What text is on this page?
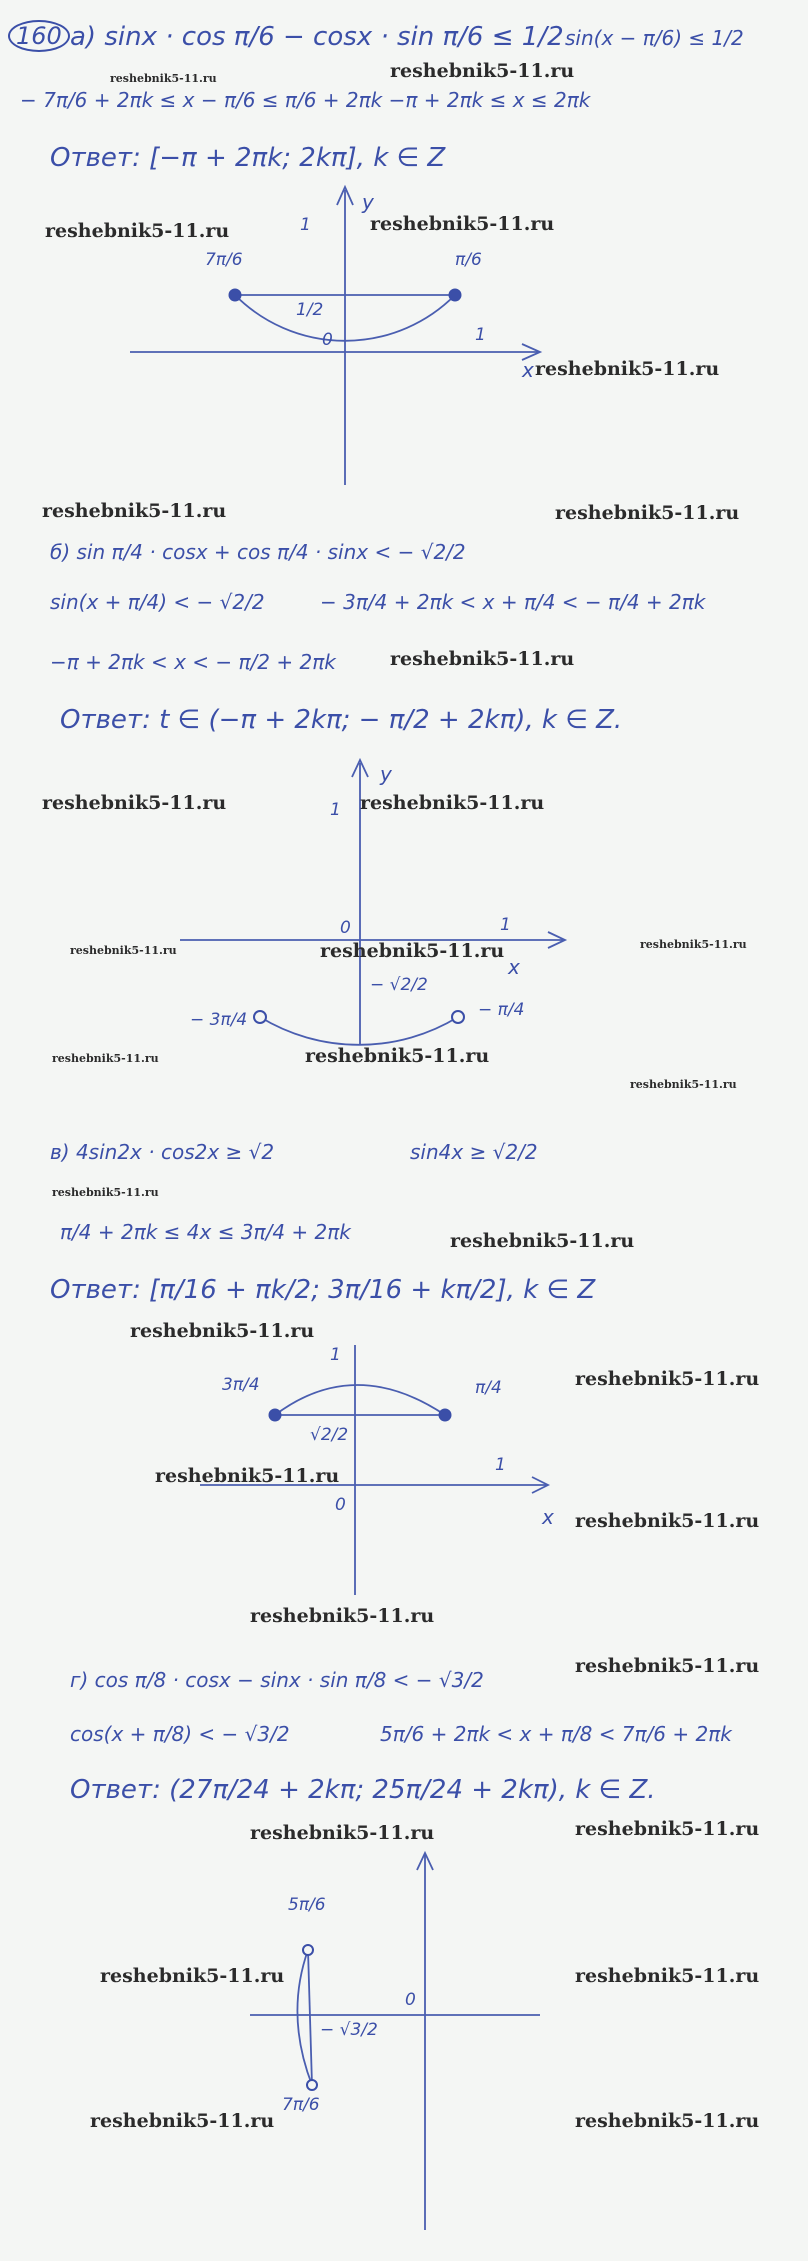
160 а) sinx · cos π/6 − cosx · sin π/6 ≤ 1/2 sin(x − π/6) ≤ 1/2
− 7π/6 + 2πk ≤ x − π/6 ≤ π/6 + 2πk −π + 2πk ≤ x ≤ 2πk
Ответ: [−π + 2πk; 2kπ], k ∈ Z
y
1
7π/6	π/6
1/2
0	1
x
б) sin π/4 · cosx + cos π/4 · sinx < − √2/2
sin(x + π/4) < − √2/2	− 3π/4 + 2πk < x + π/4 < − π/4 + 2πk
−π + 2πk < x < − π/2 + 2πk
Ответ: t ∈ (−π + 2kπ; − π/2 + 2kπ), k ∈ Z.
y
1
0	1
x
− √2/2
− 3π/4	− π/4
в) 4sin2x · cos2x ≥ √2	sin4x ≥ √2/2
π/4 + 2πk ≤ 4x ≤ 3π/4 + 2πk
Ответ: [π/16 + πk/2; 3π/16 + kπ/2], k ∈ Z
1
3π/4	π/4
√2/2
1
0	x
г) cos π/8 · cosx − sinx · sin π/8 < − √3/2
cos(x + π/8) < − √3/2	5π/6 + 2πk < x + π/8 < 7π/6 + 2πk
Ответ: (27π/24 + 2kπ; 25π/24 + 2kπ), k ∈ Z.
5π/6
0
− √3/2
7π/6
reshebnik5-11.ru	reshebnik5-11.ru
reshebnik5-11.ru	reshebnik5-11.ru
reshebnik5-11.ru
reshebnik5-11.ru	reshebnik5-11.ru
reshebnik5-11.ru
reshebnik5-11.ru	reshebnik5-11.ru
reshebnik5-11.ru	reshebnik5-11.ru	reshebnik5-11.ru
reshebnik5-11.ru	reshebnik5-11.ru
reshebnik5-11.ru
reshebnik5-11.ru
reshebnik5-11.ru
reshebnik5-11.ru
reshebnik5-11.ru
reshebnik5-11.ru
reshebnik5-11.ru
reshebnik5-11.ru
reshebnik5-11.ru
reshebnik5-11.ru	reshebnik5-11.ru
reshebnik5-11.ru	reshebnik5-11.ru
reshebnik5-11.ru	reshebnik5-11.ru
